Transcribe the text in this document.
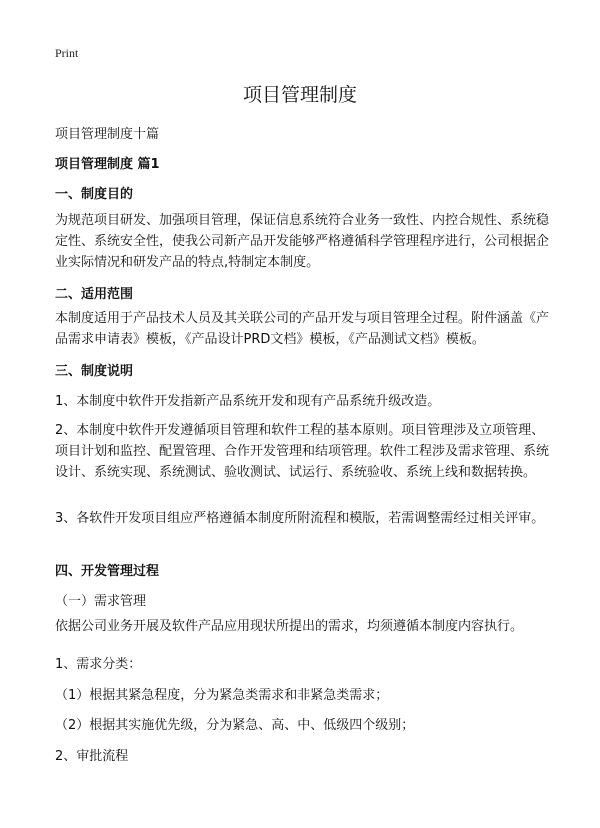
Print
项目管理制度

项目管理制度十篇

项目管理制度 篇1

一、制度目的

为规范项目研发、加强项目管理，保证信息系统符合业务一致性、内控合规性、系统稳定性、系统安全性，使我公司新产品开发能够严格遵循科学管理程序进行，公司根据企业实际情况和研发产品的特点,特制定本制度。

二、适用范围

本制度适用于产品技术人员及其关联公司的产品开发与项目管理全过程。附件涵盖《产品需求申请表》模板，《产品设计PRD文档》模板，《产品测试文档》模板。

三、制度说明

1、本制度中软件开发指新产品系统开发和现有产品系统升级改造。

2、本制度中软件开发遵循项目管理和软件工程的基本原则。项目管理涉及立项管理、项目计划和监控、配置管理、合作开发管理和结项管理。软件工程涉及需求管理、系统设计、系统实现、系统测试、验收测试、试运行、系统验收、系统上线和数据转换。

3、各软件开发项目组应严格遵循本制度所附流程和模版，若需调整需经过相关评审。

四、开发管理过程

（一）需求管理

依据公司业务开展及软件产品应用现状所提出的需求，均须遵循本制度内容执行。

1、需求分类：

（1）根据其紧急程度，分为紧急类需求和非紧急类需求；

（2）根据其实施优先级，分为紧急、高、中、低级四个级别；

2、审批流程
